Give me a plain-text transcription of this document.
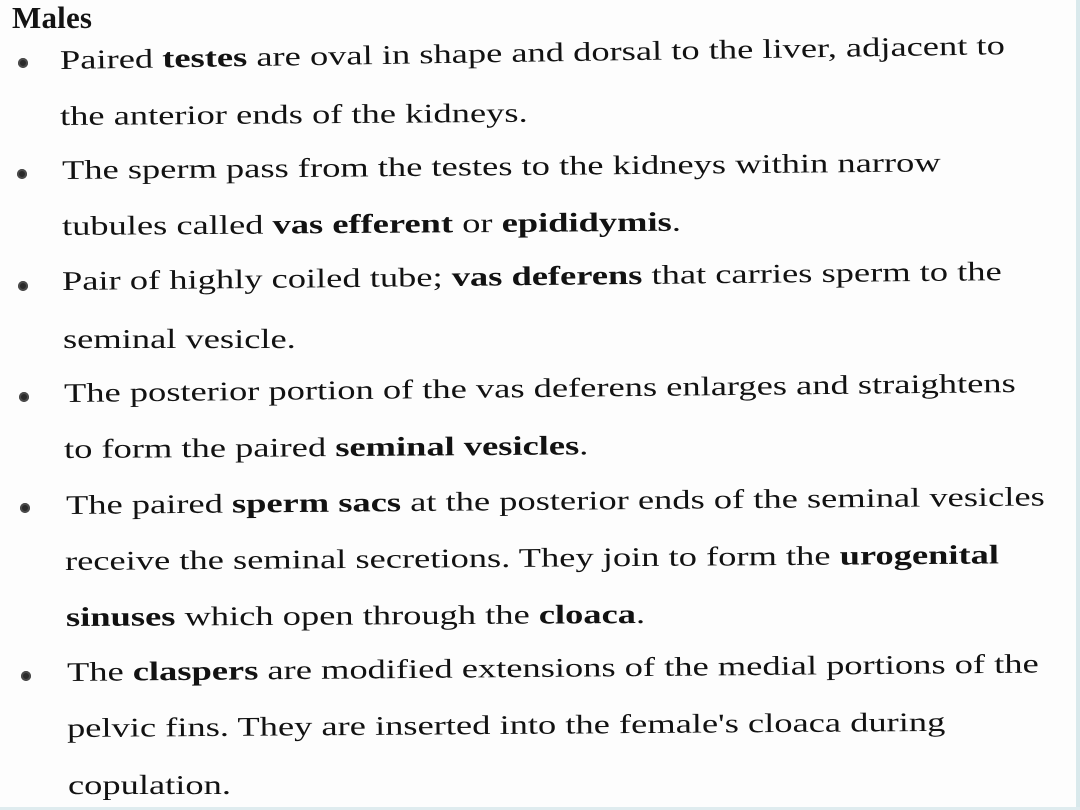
Males
Paired testes are oval in shape and dorsal to the liver, adjacent to
the anterior ends of the kidneys.
The sperm pass from the testes to the kidneys within narrow
tubules called vas efferent or epididymis.
Pair of highly coiled tube; vas deferens that carries sperm to the
seminal vesicle.
The posterior portion of the vas deferens enlarges and straightens
to form the paired seminal vesicles.
The paired sperm sacs at the posterior ends of the seminal vesicles
receive the seminal secretions. They join to form the urogenital
sinuses which open through the cloaca.
The claspers are modified extensions of the medial portions of the
pelvic fins. They are inserted into the female's cloaca during
copulation.
